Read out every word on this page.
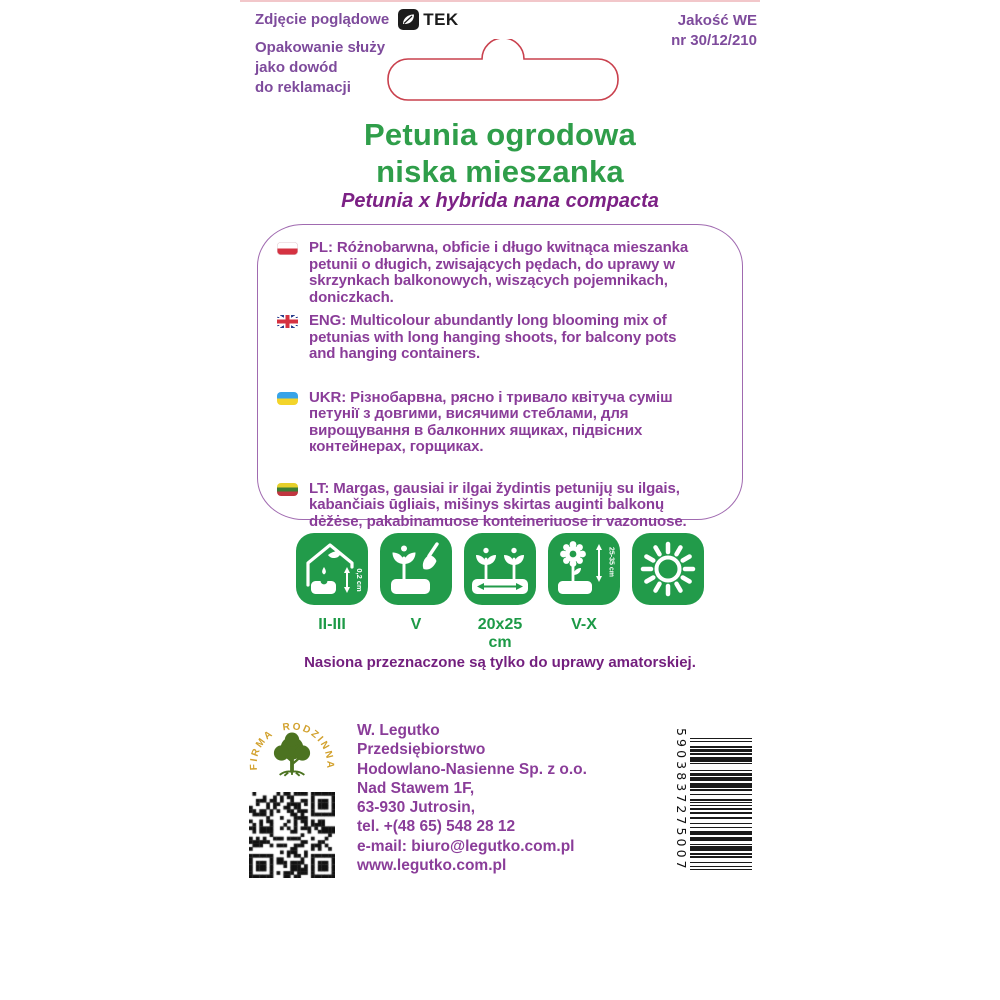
Zdjęcie poglądowe TEK
Opakowanie służy
jako dowód
do reklamacji
Jakość WE
nr 30/12/210
Petunia ogrodowa
niska mieszanka
Petunia x hybrida nana compacta
PL: Różnobarwna, obficie i długo kwitnąca mieszanka petunii o długich, zwisających pędach, do uprawy w skrzynkach balkonowych, wiszących pojemnikach, doniczkach.
ENG: Multicolour abundantly long blooming mix of petunias with long hanging shoots, for balcony pots and hanging containers.
UKR: Різнобарвна, рясно і тривало квітуча суміш петунії з довгими, висячими стеблами, для вирощування в балконних ящиках, підвісних контейнерах, горщиках.
LT: Margas, gausiai ir ilgai žydintis petunijų su ilgais, kabančiais ūgliais, mišinys skirtas auginti balkonų dėžėse, pakabinamuose konteineriuose ir vazonuose.
0,2 cm
II-III	V	20x25 cm
25-35 cm
V-X
Nasiona przeznaczone są tylko do uprawy amatorskiej.
FIRMA RODZINNA
W. Legutko
Przedsiębiorstwo
Hodowlano-Nasienne Sp. z o.o.
Nad Stawem 1F,
63-930 Jutrosin,
tel. +(48 65) 548 28 12
e-mail: biuro@legutko.com.pl
www.legutko.com.pl	5903837275007
